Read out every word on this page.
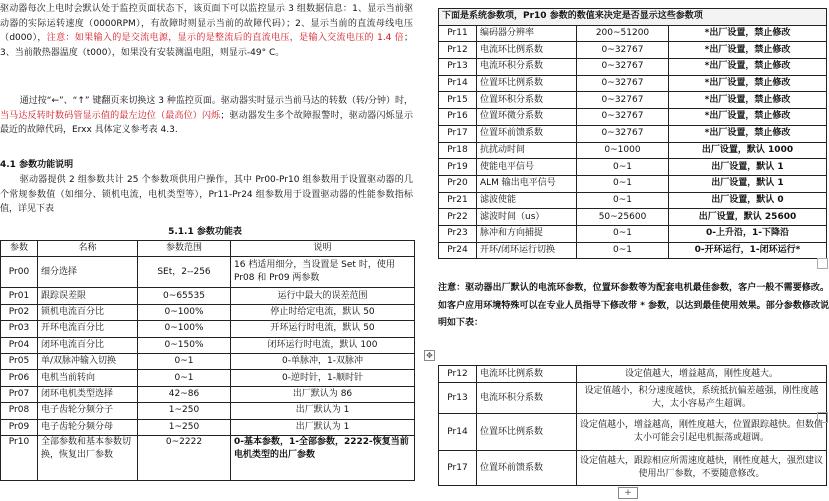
驱动器每次上电时会默认处于监控页面状态下，该页面下可以监控显示 3 组数据信息：1、显示当前驱动器的实际运转速度（0000RPM），有故障时则显示当前的故障代码）；2、显示当前的直流母线电压（d000），注意：如果输入的是交流电源，显示的是整流后的直流电压，是输入交流电压的 1.4 倍；3、当前散热器温度（t000），如果没有安装测温电阻，则显示-49° C。

通过按“←”、“↑” 键翻页来切换这 3 种监控页面。驱动器实时显示当前马达的转数（转/分钟）时，当马达反转时数码管显示值的最左边位（最高位）闪烁；驱动器发生多个故障报警时，驱动器闪烁显示最近的故障代码，Erxx 具体定义参考表 4.3.

4.1 参数功能说明

驱动器提供 2 组参数共计 25 个参数项供用户操作，其中 Pr00-Pr10 组参数用于设置驱动器的几个常规参数值（如细分、锁机电流，电机类型等），Pr11-Pr24 组参数用于设置驱动器的性能参数指标值，详见下表

5.1.1 参数功能表
参数	名称	参数范围	说明
Pr00	细分选择	SEt，2--256	16 档适用细分，当设置是 Set 时，使用 Pr08 和 Pr09 两参数
Pr01	跟踪误差限	0~65535	运行中最大的误差范围
Pr02	锁机电流百分比	0~100%	停止时给定电流，默认 50
Pr03	开环电流百分比	0~100%	开环运行时电流，默认 50
Pr04	闭环电流百分比	0~150%	闭环运行时电流，默认 100
Pr05	单/双脉冲输入切换	0~1	0-单脉冲，1-双脉冲
Pr06	电机当前转向	0~1	0-逆时针，1-顺时针
Pr07	闭环电机类型选择	42~86	出厂默认为 86
Pr08	电子齿轮分频分子	1~250	出厂默认为 1
Pr09	电子齿轮分频分母	1~250	出厂默认为 1
Pr10	全部参数和基本参数切换，恢复出厂参数	0~2222	0-基本参数，1-全部参数，2222-恢复当前电机类型的出厂参数
下面是系统参数项，Pr10 参数的数值来决定是否显示这些参数项			
Pr11	编码器分辨率	200~51200	*出厂设置，禁止修改
Pr12	电流环比例系数	0~32767	*出厂设置，禁止修改
Pr13	电流环积分系数	0~32767	*出厂设置，禁止修改
Pr14	位置环比例系数	0~32767	*出厂设置，禁止修改
Pr15	位置环积分系数	0~32767	*出厂设置，禁止修改
Pr16	位置环微分系数	0~32767	*出厂设置，禁止修改
Pr17	位置环前馈系数	0~32767	*出厂设置，禁止修改
Pr18	抗扰动时间	0~1000	出厂设置，默认 1000
Pr19	使能电平信号	0~1	出厂设置，默认 1
Pr20	ALM 输出电平信号	0~1	出厂设置，默认 1
Pr21	滤波使能	0~1	出厂设置，默认 0
Pr22	滤波时间（us）	50~25600	出厂设置，默认 25600
Pr23	脉冲和方向捕捉	0~1	0-上升沿，1-下降沿
Pr24	开环/闭环运行切换	0~1	0-开环运行，1-闭环运行*

注意：驱动器出厂默认的电流环参数，位置环参数等为配套电机最佳参数，客户一般不需要修改。如客户应用环境特殊可以在专业人员指导下修改带 * 参数，以达到最佳使用效果。部分参数修改说明如下表：

Pr12	电流环比例系数	设定值越大，增益越高，刚性度越大。
Pr13	电流环积分系数	设定值越小，积分速度越快，系统抵抗偏差越强，刚性度越大，太小容易产生超调。
Pr14	位置环比例系数	设定值越小，增益越高，刚性度越大，位置跟踪越快。但数值太小可能会引起电机振荡或超调。
Pr17	位置环前馈系数	设定值越大，跟踪相应所需速度越快，刚性度越大，强烈建议使用出厂参数，不要随意修改。
✥
+
